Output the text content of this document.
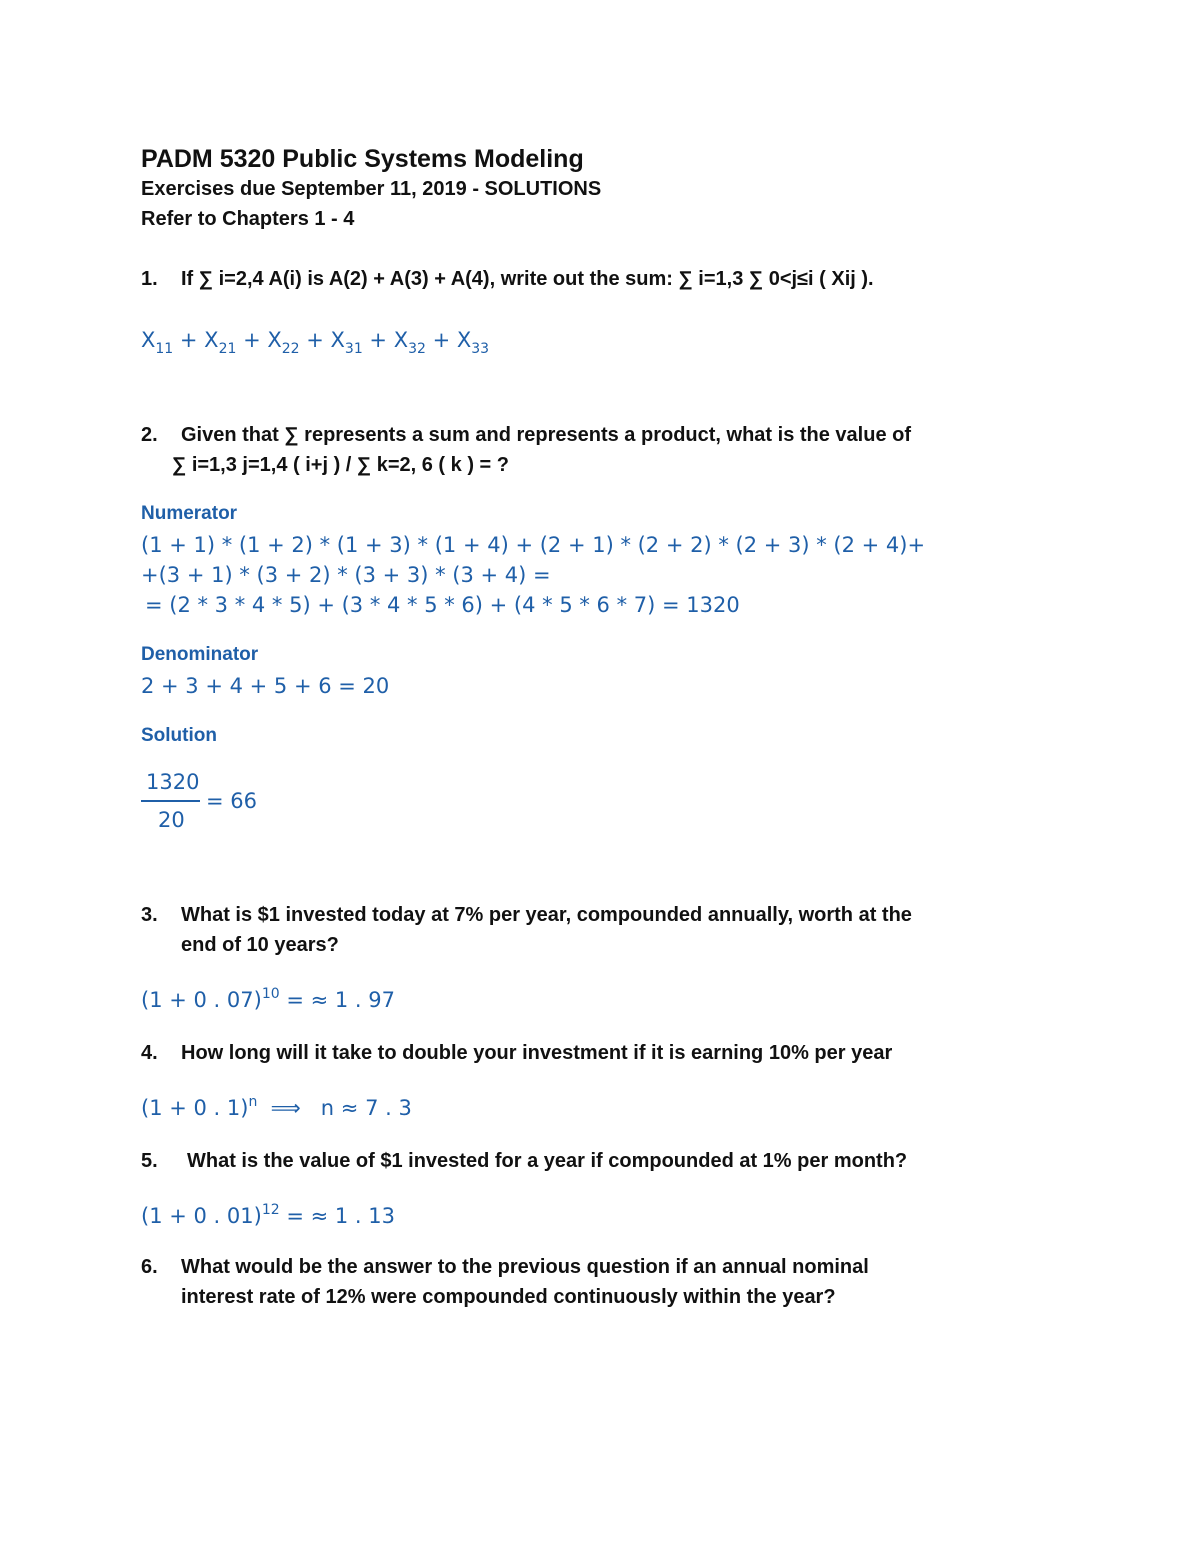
PADM 5320 Public Systems Modeling
Exercises due September 11, 2019 - SOLUTIONS
Refer to Chapters 1 - 4
1. If ∑ i=2,4 A(i) is A(2) + A(3) + A(4), write out the sum: ∑ i=1,3 ∑ 0<j≤i ( Xij ).
$X_{11} + X_{21} + X_{22} + X_{31} + X_{32} + X_{33}$
2. Given that ∑ represents a sum and represents a product, what is the value of
∑ i=1,3 j=1,4 ( i+j ) / ∑ k=2, 6 ( k ) = ?
Numerator
(1 + 1) * (1 + 2) * (1 + 3) * (1 + 4) + (2 + 1) * (2 + 2) * (2 + 3) * (2 + 4)+
+(3 + 1) * (3 + 2) * (3 + 3) * (3 + 4) =
= (2 * 3 * 4 * 5) + (3 * 4 * 5 * 6) + (4 * 5 * 6 * 7) = 1320
Denominator
2 + 3 + 4 + 5 + 6 = 20
Solution
1320
20
= 66
3. What is $1 invested today at 7% per year, compounded annually, worth at the
end of 10 years?
(1 + 0 . 07)$^{10}$ = ≈ 1 . 97
4. How long will it take to double your investment if it is earning 10% per year
(1 + 0 . 1)$^n$  ⟹   n ≈ 7 . 3
5. What is the value of $1 invested for a year if compounded at 1% per month?
(1 + 0 . 01)$^{12}$ = ≈ 1 . 13
6. What would be the answer to the previous question if an annual nominal
interest rate of 12% were compounded continuously within the year?
